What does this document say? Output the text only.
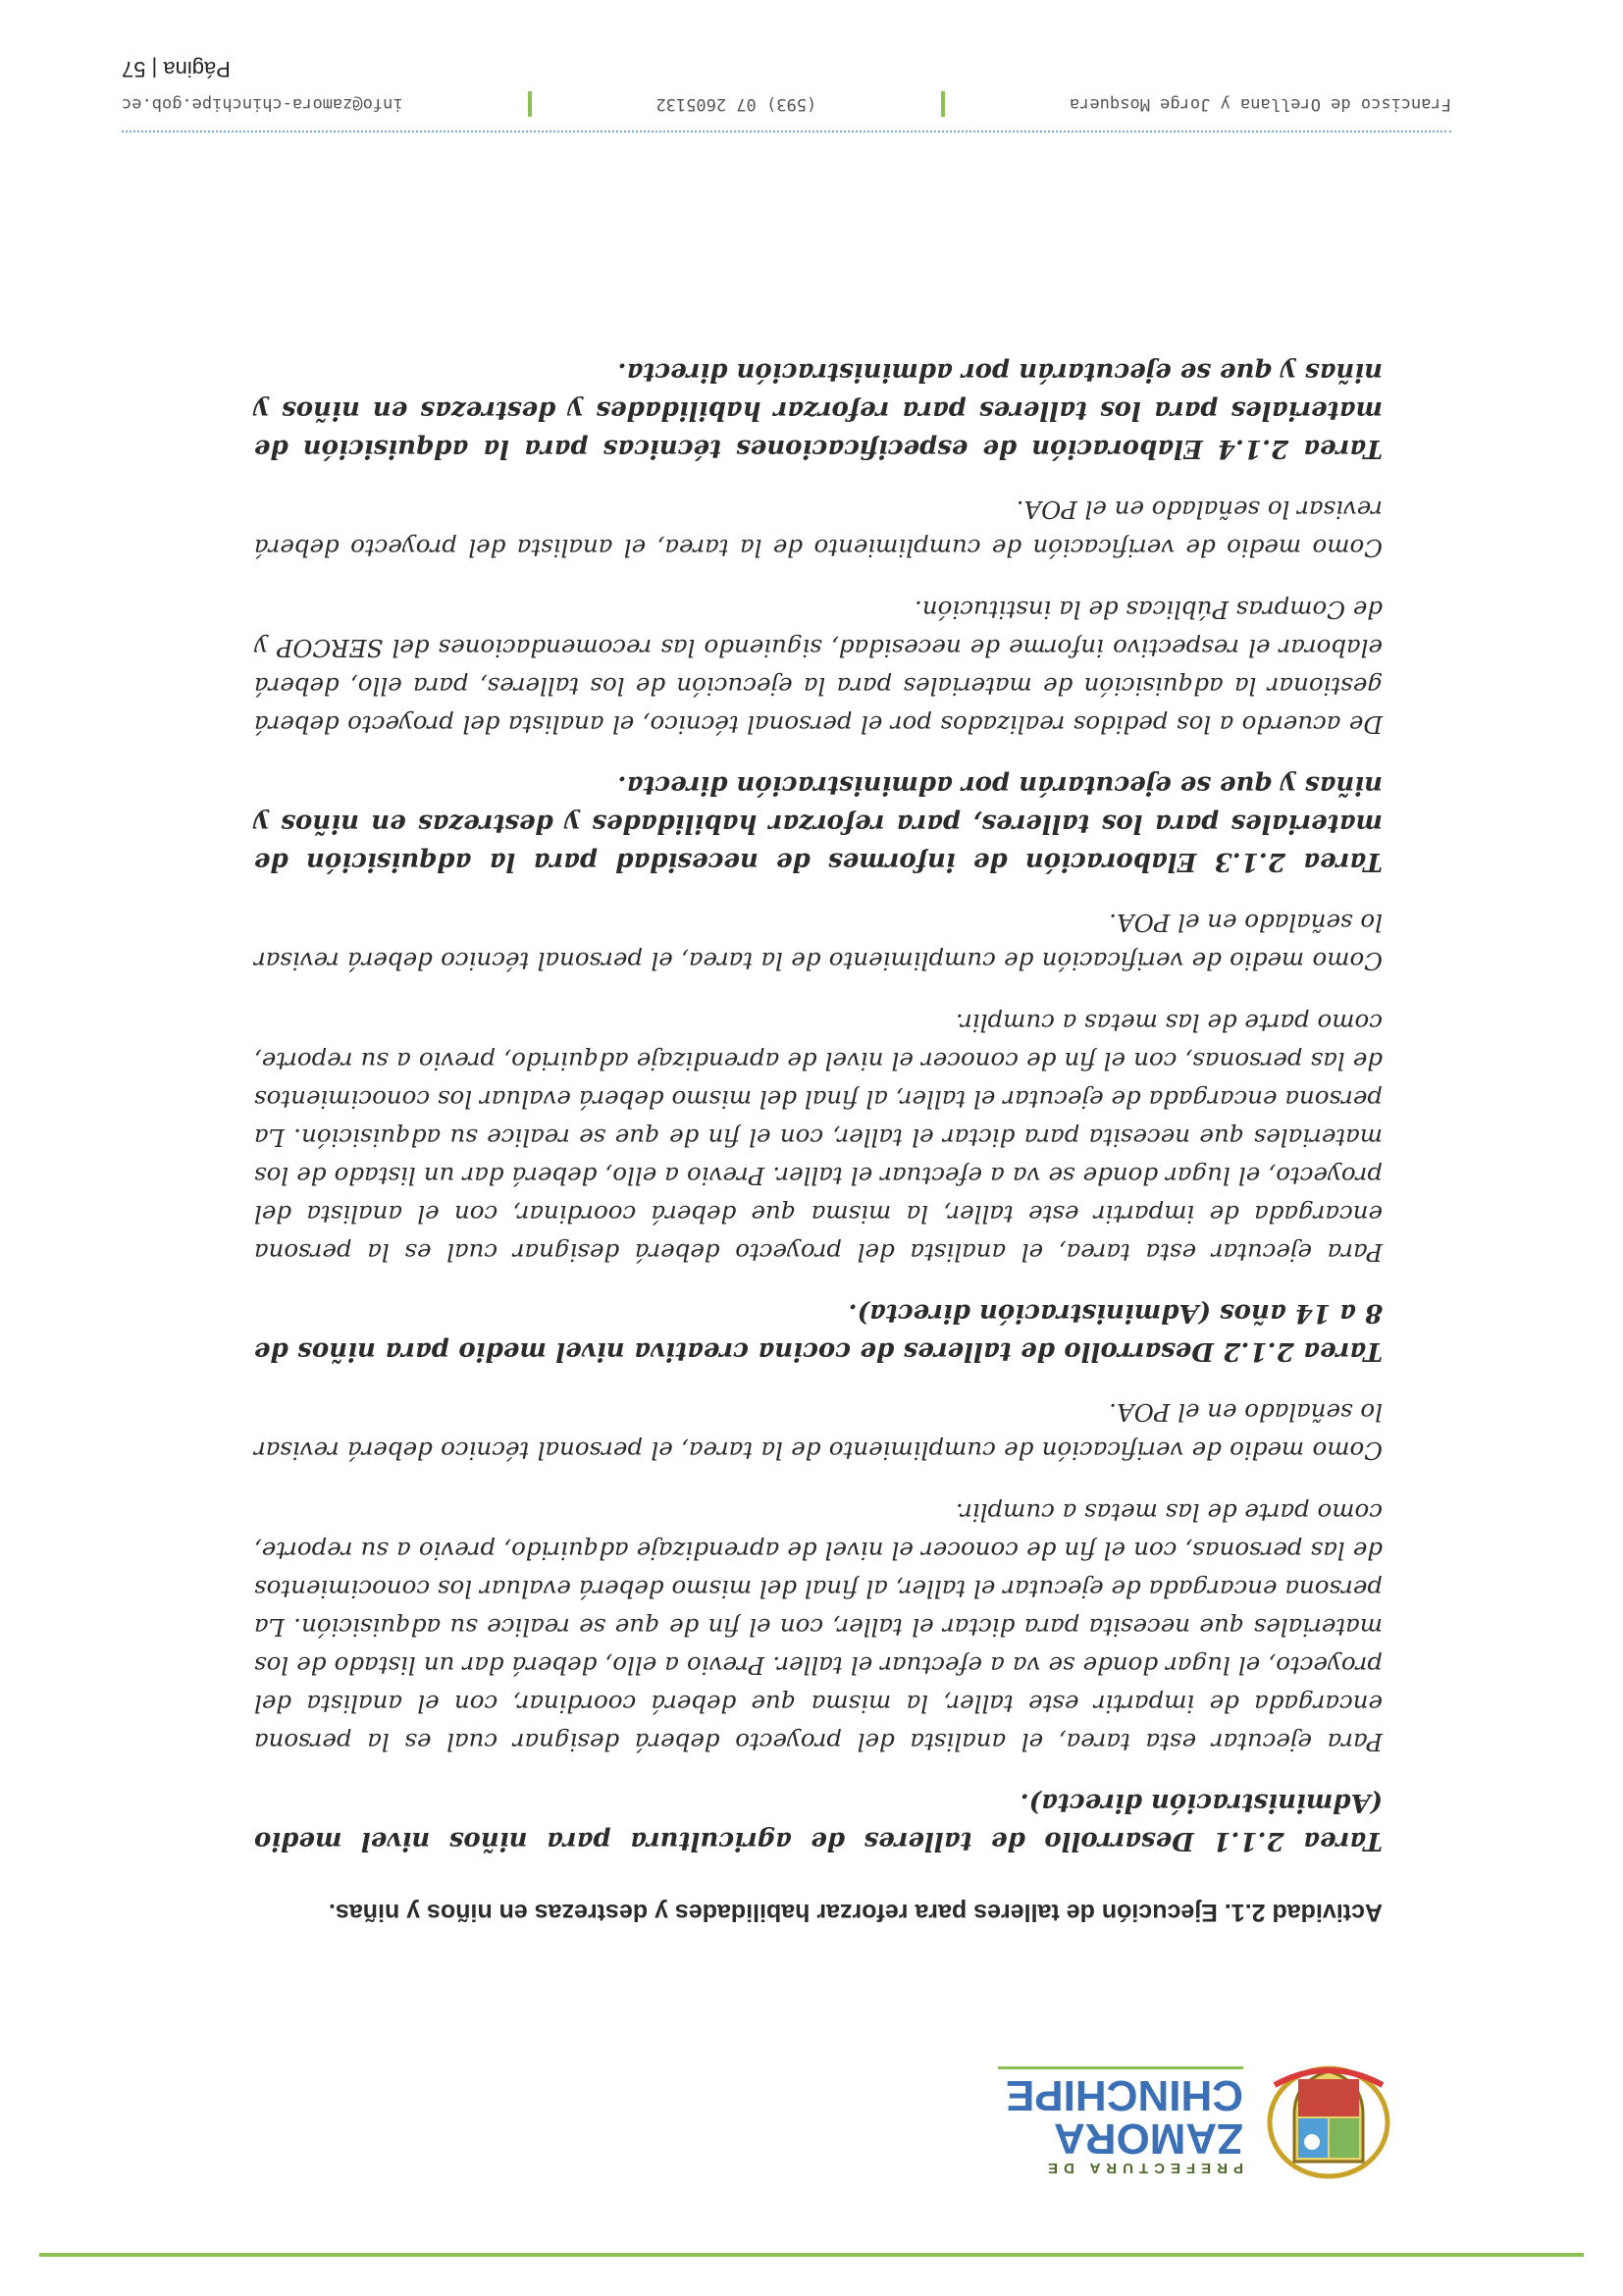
PREFECTURA DE
ZAMORA
CHINCHIPE
Actividad 2.1. Ejecución de talleres para reforzar habilidades y destrezas en niños y niñas.

Tarea 2.1.1 Desarrollo de talleres de agricultura para niños nivel medio (Administración directa).

Para ejecutar esta tarea, el analista del proyecto deberá designar cual es la persona encargada de impartir este taller, la misma que deberá coordinar, con el analista del proyecto, el lugar donde se va a efectuar el taller. Previo a ello, deberá dar un listado de los materiales que necesita para dictar el taller, con el fin de que se realice su adquisición. La persona encargada de ejecutar el taller, al final del mismo deberá evaluar los conocimientos de las personas, con el fin de conocer el nivel de aprendizaje adquirido, previo a su reporte, como parte de las metas a cumplir.

Como medio de verificación de cumplimiento de la tarea, el personal técnico deberá revisar lo señalado en el POA.

Tarea 2.1.2 Desarrollo de talleres de cocina creativa nivel medio para niños de 8 a 14 años (Administración directa).

Para ejecutar esta tarea, el analista del proyecto deberá designar cual es la persona encargada de impartir este taller, la misma que deberá coordinar, con el analista del proyecto, el lugar donde se va a efectuar el taller. Previo a ello, deberá dar un listado de los materiales que necesita para dictar el taller, con el fin de que se realice su adquisición. La persona encargada de ejecutar el taller, al final del mismo deberá evaluar los conocimientos de las personas, con el fin de conocer el nivel de aprendizaje adquirido, previo a su reporte, como parte de las metas a cumplir.

Como medio de verificación de cumplimiento de la tarea, el personal técnico deberá revisar lo señalado en el POA.

Tarea 2.1.3 Elaboración de informes de necesidad para la adquisición de materiales para los talleres, para reforzar habilidades y destrezas en niños y niñas y que se ejecutarán por administración directa.

De acuerdo a los pedidos realizados por el personal técnico, el analista del proyecto deberá gestionar la adquisición de materiales para la ejecución de los talleres, para ello, deberá elaborar el respectivo informe de necesidad, siguiendo las recomendaciones del SERCOP y de Compras Públicas de la institución.

Como medio de verificación de cumplimiento de la tarea, el analista del proyecto deberá revisar lo señalado en el POA.

Tarea 2.1.4 Elaboración de especificaciones técnicas para la adquisición de materiales para los talleres para reforzar habilidades y destrezas en niños y niñas y que se ejecutarán por administración directa.

Francisco de Orellana y Jorge Mosquera
(593) 07 2605132
info@zamora-chinchipe.gob.ec
Página | 57
